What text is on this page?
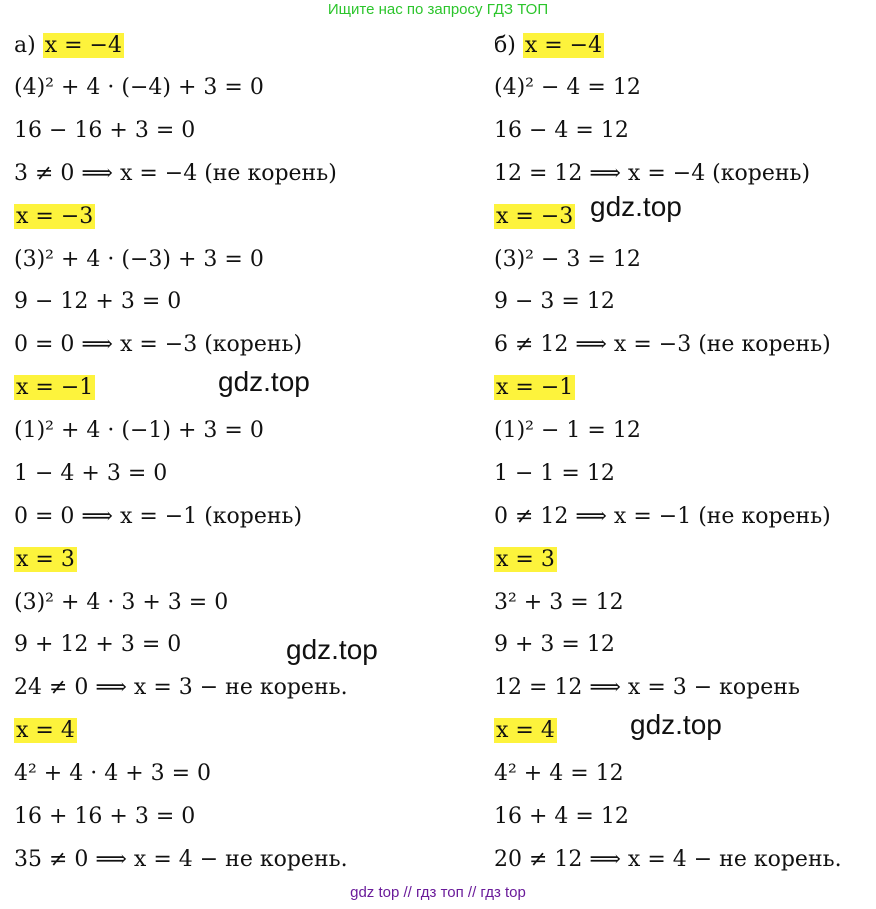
Ищите нас по запросу ГДЗ ТОП
а) x = −4
(4)² + 4 · (−4) + 3 = 0
16 − 16 + 3 = 0
3 ≠ 0 ⟹ x = −4 (не корень)
x = −3
(3)² + 4 · (−3) + 3 = 0
9 − 12 + 3 = 0
0 = 0 ⟹ x = −3 (корень)
x = −1
(1)² + 4 · (−1) + 3 = 0
1 − 4 + 3 = 0
0 = 0 ⟹ x = −1 (корень)
x = 3
(3)² + 4 · 3 + 3 = 0
9 + 12 + 3 = 0
24 ≠ 0 ⟹ x = 3 − не корень.
x = 4
4² + 4 · 4 + 3 = 0
16 + 16 + 3 = 0
35 ≠ 0 ⟹ x = 4 − не корень.
б) x = −4
(4)² − 4 = 12
16 − 4 = 12
12 = 12 ⟹ x = −4 (корень)
x = −3
(3)² − 3 = 12
9 − 3 = 12
6 ≠ 12 ⟹ x = −3 (не корень)
x = −1
(1)² − 1 = 12
1 − 1 = 12
0 ≠ 12 ⟹ x = −1 (не корень)
x = 3
3² + 3 = 12
9 + 3 = 12
12 = 12 ⟹ x = 3 − корень
x = 4
4² + 4 = 12
16 + 4 = 12
20 ≠ 12 ⟹ x = 4 − не корень.
gdz.top
gdz.top
gdz.top
gdz.top
gdz top // гдз топ // гдз top
